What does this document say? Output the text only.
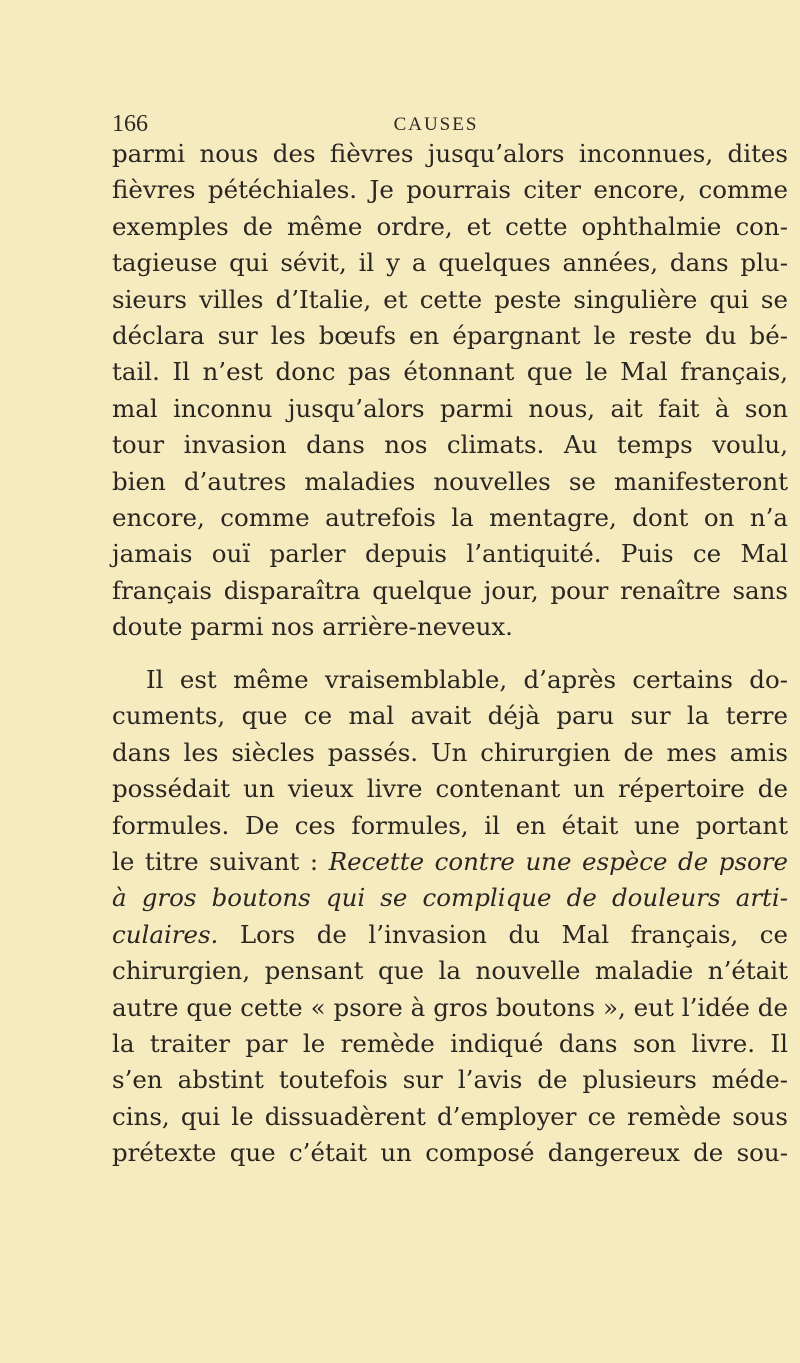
166	CAUSES
parmi nous des fièvres jusqu’alors inconnues, dites
fièvres pétéchiales. Je pourrais citer encore, comme
exemples de même ordre, et cette ophthalmie con-
tagieuse qui sévit, il y a quelques années, dans plu-
sieurs villes d’Italie, et cette peste singulière qui se
déclara sur les bœufs en épargnant le reste du bé-
tail. Il n’est donc pas étonnant que le Mal français,
mal inconnu jusqu’alors parmi nous, ait fait à son
tour invasion dans nos climats. Au temps voulu,
bien d’autres maladies nouvelles se manifesteront
encore, comme autrefois la mentagre, dont on n’a
jamais ouï parler depuis l’antiquité. Puis ce Mal
français disparaîtra quelque jour, pour renaître sans
doute parmi nos arrière-neveux.
Il est même vraisemblable, d’après certains do-
cuments, que ce mal avait déjà paru sur la terre
dans les siècles passés. Un chirurgien de mes amis
possédait un vieux livre contenant un répertoire de
formules. De ces formules, il en était une portant
le titre suivant : Recette contre une espèce de psore
à gros boutons qui se complique de douleurs arti-
culaires. Lors de l’invasion du Mal français, ce
chirurgien, pensant que la nouvelle maladie n’était
autre que cette « psore à gros boutons », eut l’idée de
la traiter par le remède indiqué dans son livre. Il
s’en abstint toutefois sur l’avis de plusieurs méde-
cins, qui le dissuadèrent d’employer ce remède sous
prétexte que c’était un composé dangereux de sou-
